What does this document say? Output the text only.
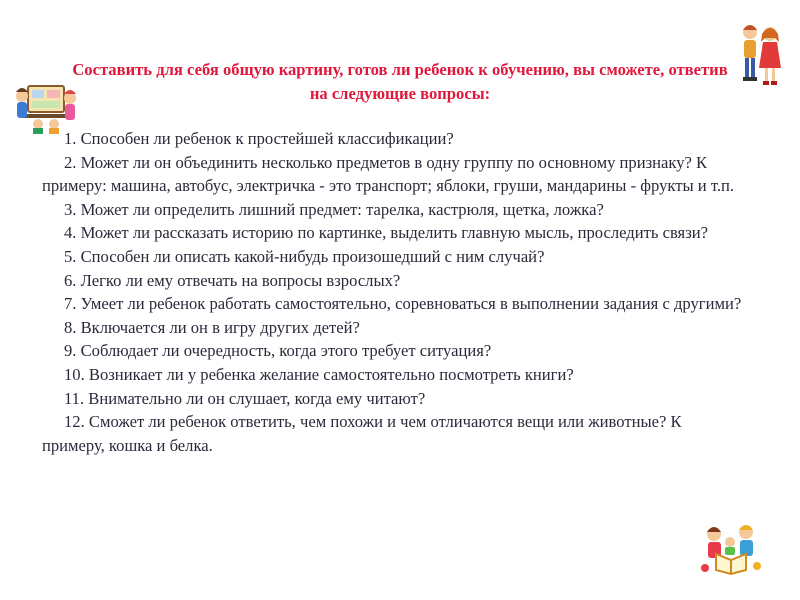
Составить для себя общую картину, готов ли ребенок к обучению, вы сможете, ответив на следующие вопросы:
1. Способен ли ребенок к простейшей классификации?
2. Может ли он объединить несколько предметов в одну группу по основному признаку? К примеру: машина, автобус, электричка - это транспорт; яблоки, груши, мандарины - фрукты и т.п.
3. Может ли определить лишний предмет: тарелка, кастрюля, щетка, ложка?
4. Может ли рассказать историю по картинке, выделить главную мысль, проследить связи?
5. Способен ли описать какой-нибудь произошедший с ним случай?
6. Легко ли ему отвечать на вопросы взрослых?
7. Умеет ли ребенок работать самостоятельно, соревноваться в выполнении задания с другими?
8. Включается ли он в игру других детей?
9. Соблюдает ли очередность, когда этого требует ситуация?
10. Возникает ли у ребенка желание самостоятельно посмотреть книги?
11. Внимательно ли он слушает, когда ему читают?
12. Сможет ли ребенок ответить, чем похожи и чем отличаются вещи или животные? К примеру, кошка и белка.
